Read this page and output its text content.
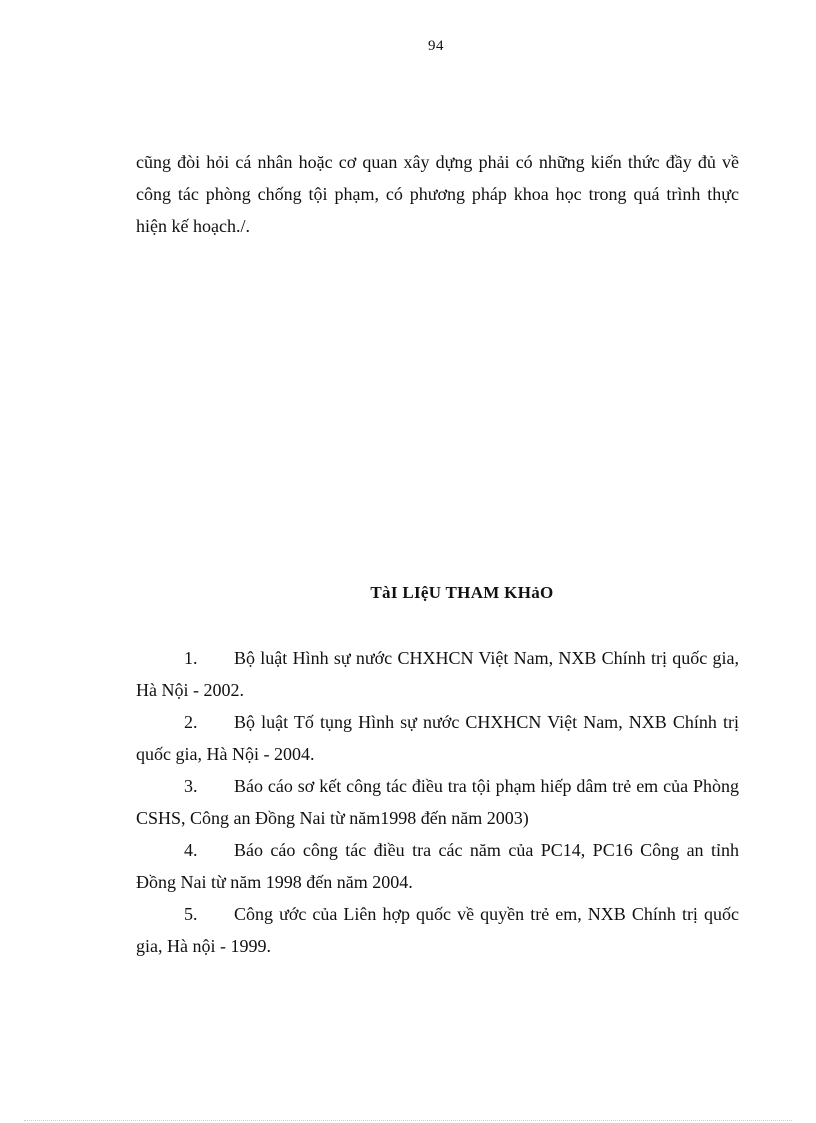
94

cũng đòi hỏi cá nhân hoặc cơ quan xây dựng phải có những kiến thức đầy đủ về công tác phòng chống tội phạm, có phương pháp khoa học trong quá trình thực hiện kế hoạch./.

TàI LIệU THAM KHảO
1. Bộ luật Hình sự nước CHXHCN Việt Nam, NXB Chính trị quốc gia, Hà Nội - 2002.
2. Bộ luật Tố tụng Hình sự nước CHXHCN Việt Nam, NXB Chính trị quốc gia, Hà Nội - 2004.
3. Báo cáo sơ kết công tác điều tra tội phạm hiếp dâm trẻ em của Phòng CSHS, Công an Đồng Nai từ năm1998 đến năm 2003)
4. Báo cáo công tác điều tra các năm của PC14, PC16 Công an tỉnh Đồng Nai từ năm 1998 đến năm 2004.
5. Công ước của Liên hợp quốc về quyền trẻ em, NXB Chính trị quốc gia, Hà nội - 1999.
